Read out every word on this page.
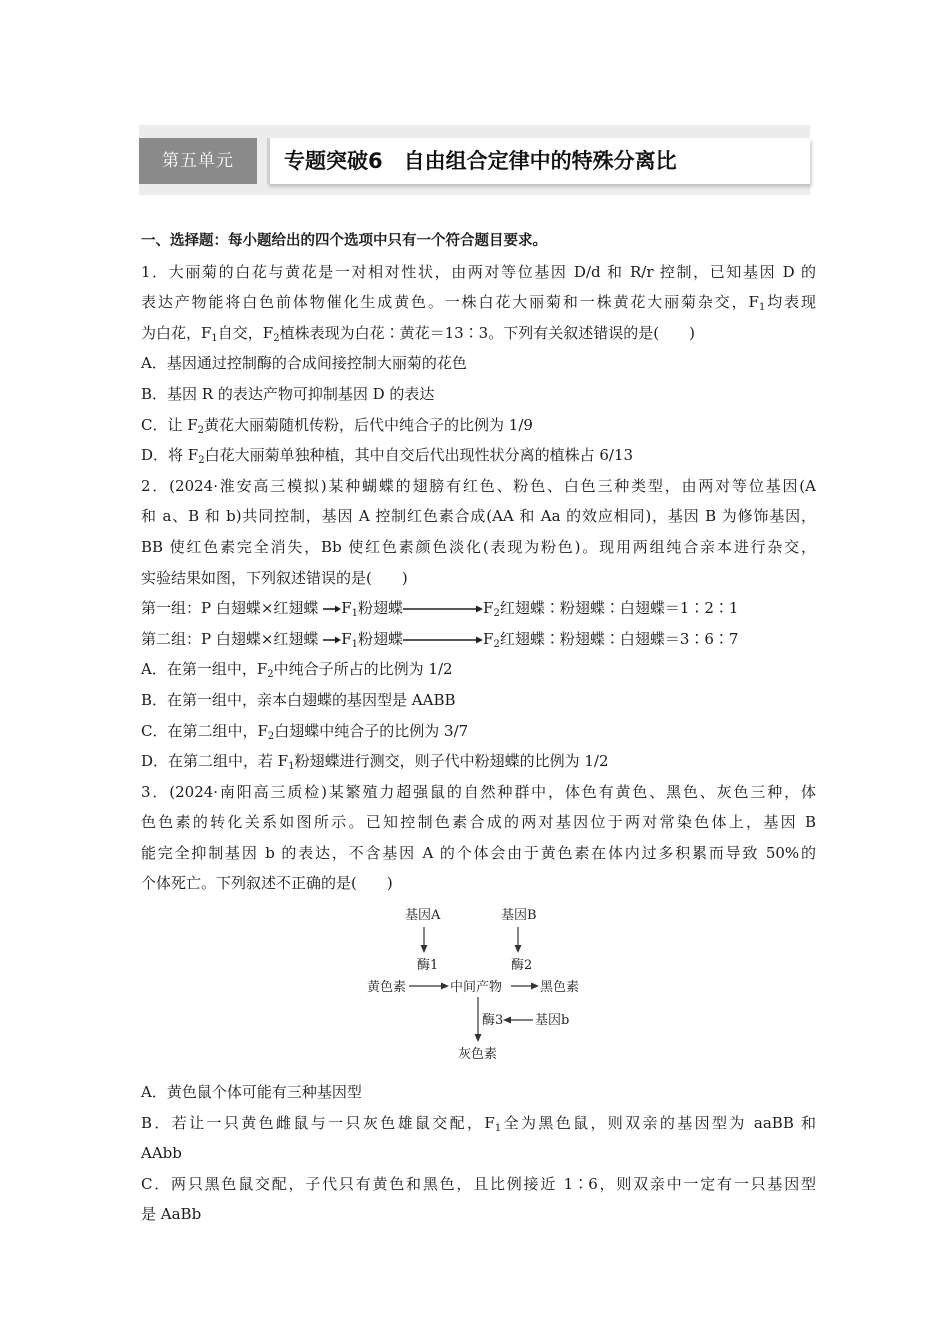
第五单元	专题突破6　自由组合定律中的特殊分离比
一、选择题：每小题给出的四个选项中只有一个符合题目要求。
1．大丽菊的白花与黄花是一对相对性状，由两对等位基因 D/d 和 R/r 控制，已知基因 D 的
表达产物能将白色前体物催化生成黄色。一株白花大丽菊和一株黄花大丽菊杂交，$F_1$均表现
为白花，$F_1$自交，$F_2$植株表现为白花∶黄花＝13∶3。下列有关叙述错误的是(　　)
A．基因通过控制酶的合成间接控制大丽菊的花色
B．基因 R 的表达产物可抑制基因 D 的表达
C．让 $F_2$黄花大丽菊随机传粉，后代中纯合子的比例为 1/9
D．将 $F_2$白花大丽菊单独种植，其中自交后代出现性状分离的植株占 6/13
2．(2024·淮安高三模拟)某种蝴蝶的翅膀有红色、粉色、白色三种类型，由两对等位基因(A
和 a、B 和 b)共同控制，基因 A 控制红色素合成(AA 和 Aa 的效应相同)，基因 B 为修饰基因，
BB 使红色素完全消失，Bb 使红色素颜色淡化(表现为粉色)。现用两组纯合亲本进行杂交，
实验结果如图，下列叙述错误的是(　　)
第一组：P 白翅蝶×红翅蝶 $F_1$粉翅蝶	$F_2$红翅蝶∶粉翅蝶∶白翅蝶＝1∶2∶1
第二组：P 白翅蝶×红翅蝶 $F_1$粉翅蝶	$F_2$红翅蝶∶粉翅蝶∶白翅蝶＝3∶6∶7
A．在第一组中，$F_2$中纯合子所占的比例为 1/2
B．在第一组中，亲本白翅蝶的基因型是 AABB
C．在第二组中，$F_2$白翅蝶中纯合子的比例为 3/7
D．在第二组中，若 $F_1$粉翅蝶进行测交，则子代中粉翅蝶的比例为 1/2
3．(2024·南阳高三质检)某繁殖力超强鼠的自然种群中，体色有黄色、黑色、灰色三种，体
色色素的转化关系如图所示。已知控制色素合成的两对基因位于两对常染色体上，基因 B
能完全抑制基因 b 的表达，不含基因 A 的个体会由于黄色素在体内过多积累而导致 50%的
个体死亡。下列叙述不正确的是(　　)
基因A	基因B
酶1	酶2
黄色素	中间产物	黑色素
酶3 基因b
灰色素
A．黄色鼠个体可能有三种基因型
B．若让一只黄色雌鼠与一只灰色雄鼠交配，$F_1$全为黑色鼠，则双亲的基因型为 aaBB 和
AAbb
C．两只黑色鼠交配，子代只有黄色和黑色，且比例接近 1∶6，则双亲中一定有一只基因型
是 AaBb
